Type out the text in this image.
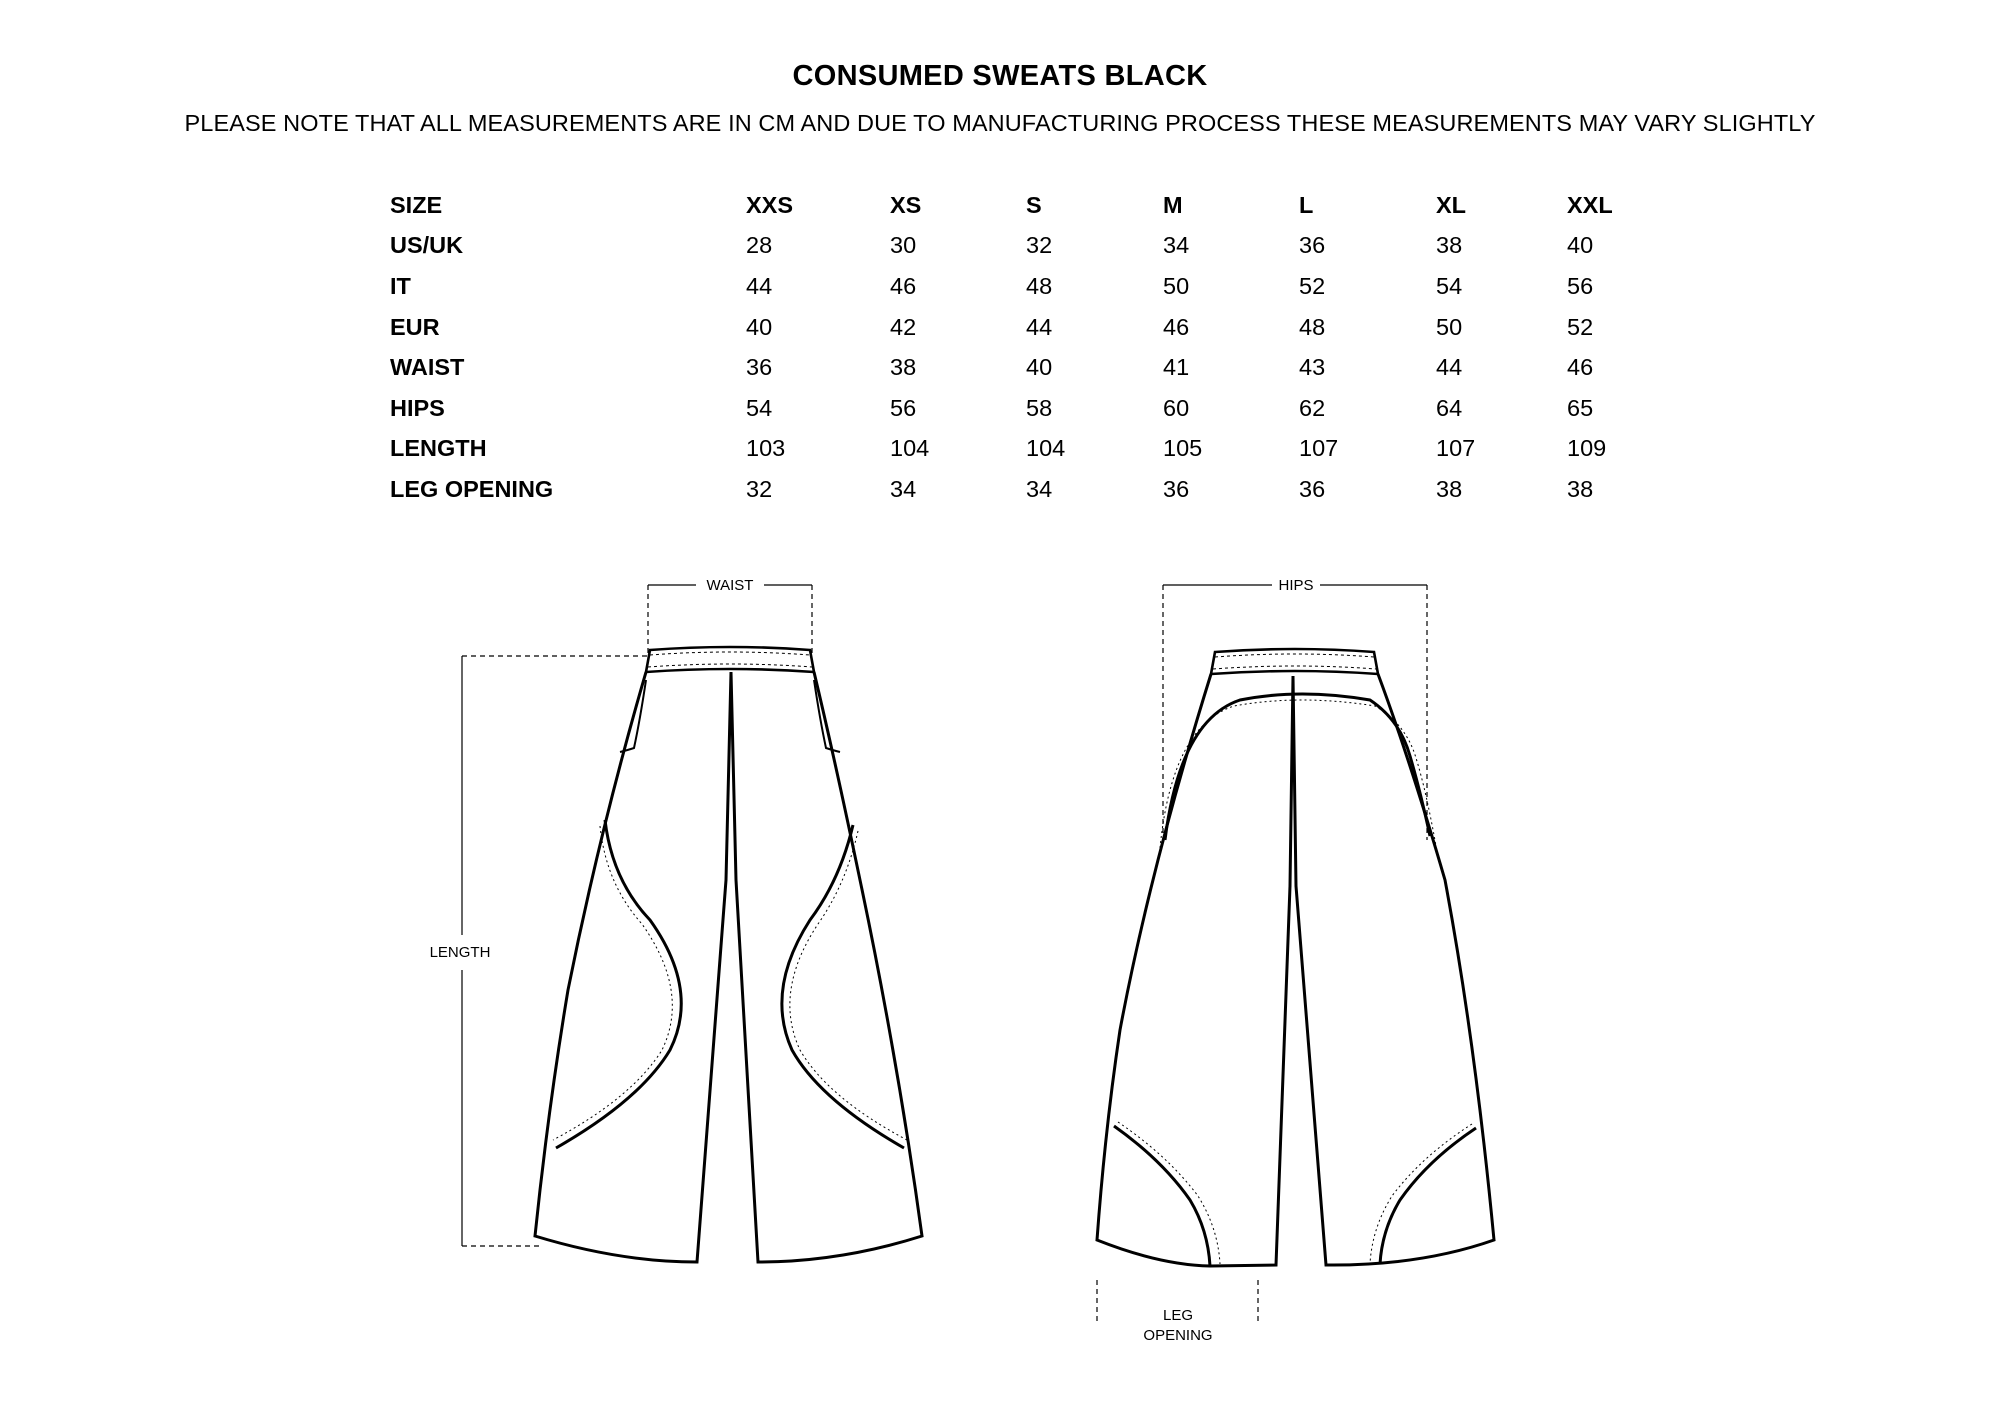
CONSUMED SWEATS BLACK
PLEASE NOTE THAT ALL MEASUREMENTS ARE IN CM AND DUE TO MANUFACTURING PROCESS THESE MEASUREMENTS MAY VARY SLIGHTLY
SIZE	XXS	XS	S	M	L	XL	XXL
US/UK	28	30	32	34	36	38	40
IT	44	46	48	50	52	54	56
EUR	40	42	44	46	48	50	52
WAIST	36	38	40	41	43	44	46
HIPS	54	56	58	60	62	64	65
LENGTH	103	104	104	105	107	107	109
LEG OPENING	32	34	34	36	36	38	38
WAIST
LENGTH
HIPS
LEG
OPENING
